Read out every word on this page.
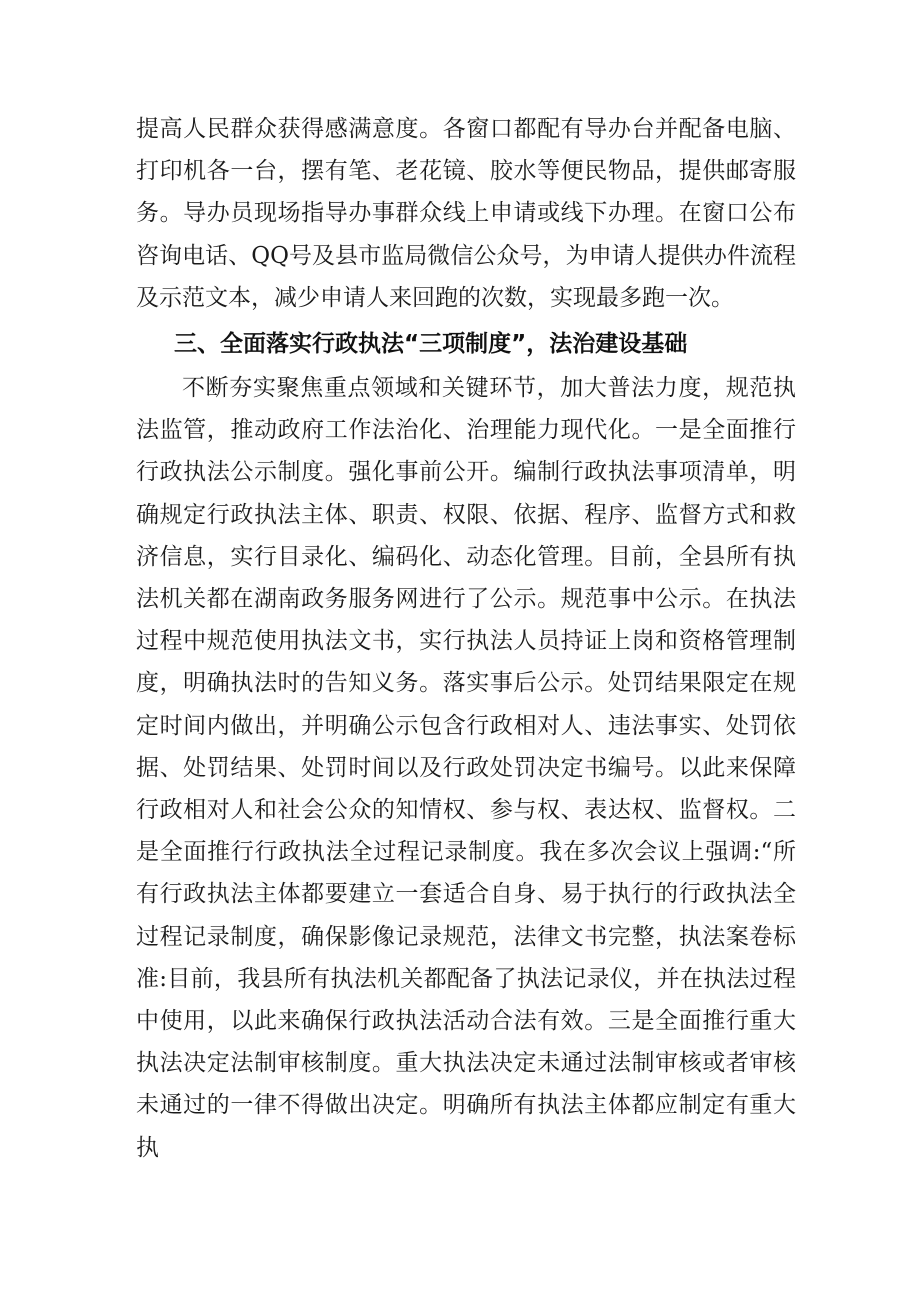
提高人民群众获得感满意度。各窗口都配有导办台并配备电脑、打印机各一台，摆有笔、老花镜、胶水等便民物品，提供邮寄服务。导办员现场指导办事群众线上申请或线下办理。在窗口公布咨询电话、QQ号及县市监局微信公众号，为申请人提供办件流程及示范文本，减少申请人来回跑的次数，实现最多跑一次。

三、全面落实行政执法“三项制度”，法治建设基础

不断夯实聚焦重点领域和关键环节，加大普法力度，规范执法监管，推动政府工作法治化、治理能力现代化。一是全面推行行政执法公示制度。强化事前公开。编制行政执法事项清单，明确规定行政执法主体、职责、权限、依据、程序、监督方式和救济信息，实行目录化、编码化、动态化管理。目前，全县所有执法机关都在湖南政务服务网进行了公示。规范事中公示。在执法过程中规范使用执法文书，实行执法人员持证上岗和资格管理制度，明确执法时的告知义务。落实事后公示。处罚结果限定在规定时间内做出，并明确公示包含行政相对人、违法事实、处罚依据、处罚结果、处罚时间以及行政处罚决定书编号。以此来保障行政相对人和社会公众的知情权、参与权、表达权、监督权。二是全面推行行政执法全过程记录制度。我在多次会议上强调:“所有行政执法主体都要建立一套适合自身、易于执行的行政执法全过程记录制度，确保影像记录规范，法律文书完整，执法案卷标准:目前，我县所有执法机关都配备了执法记录仪，并在执法过程中使用，以此来确保行政执法活动合法有效。三是全面推行重大执法决定法制审核制度。重大执法决定未通过法制审核或者审核未通过的一律不得做出决定。明确所有执法主体都应制定有重大执
